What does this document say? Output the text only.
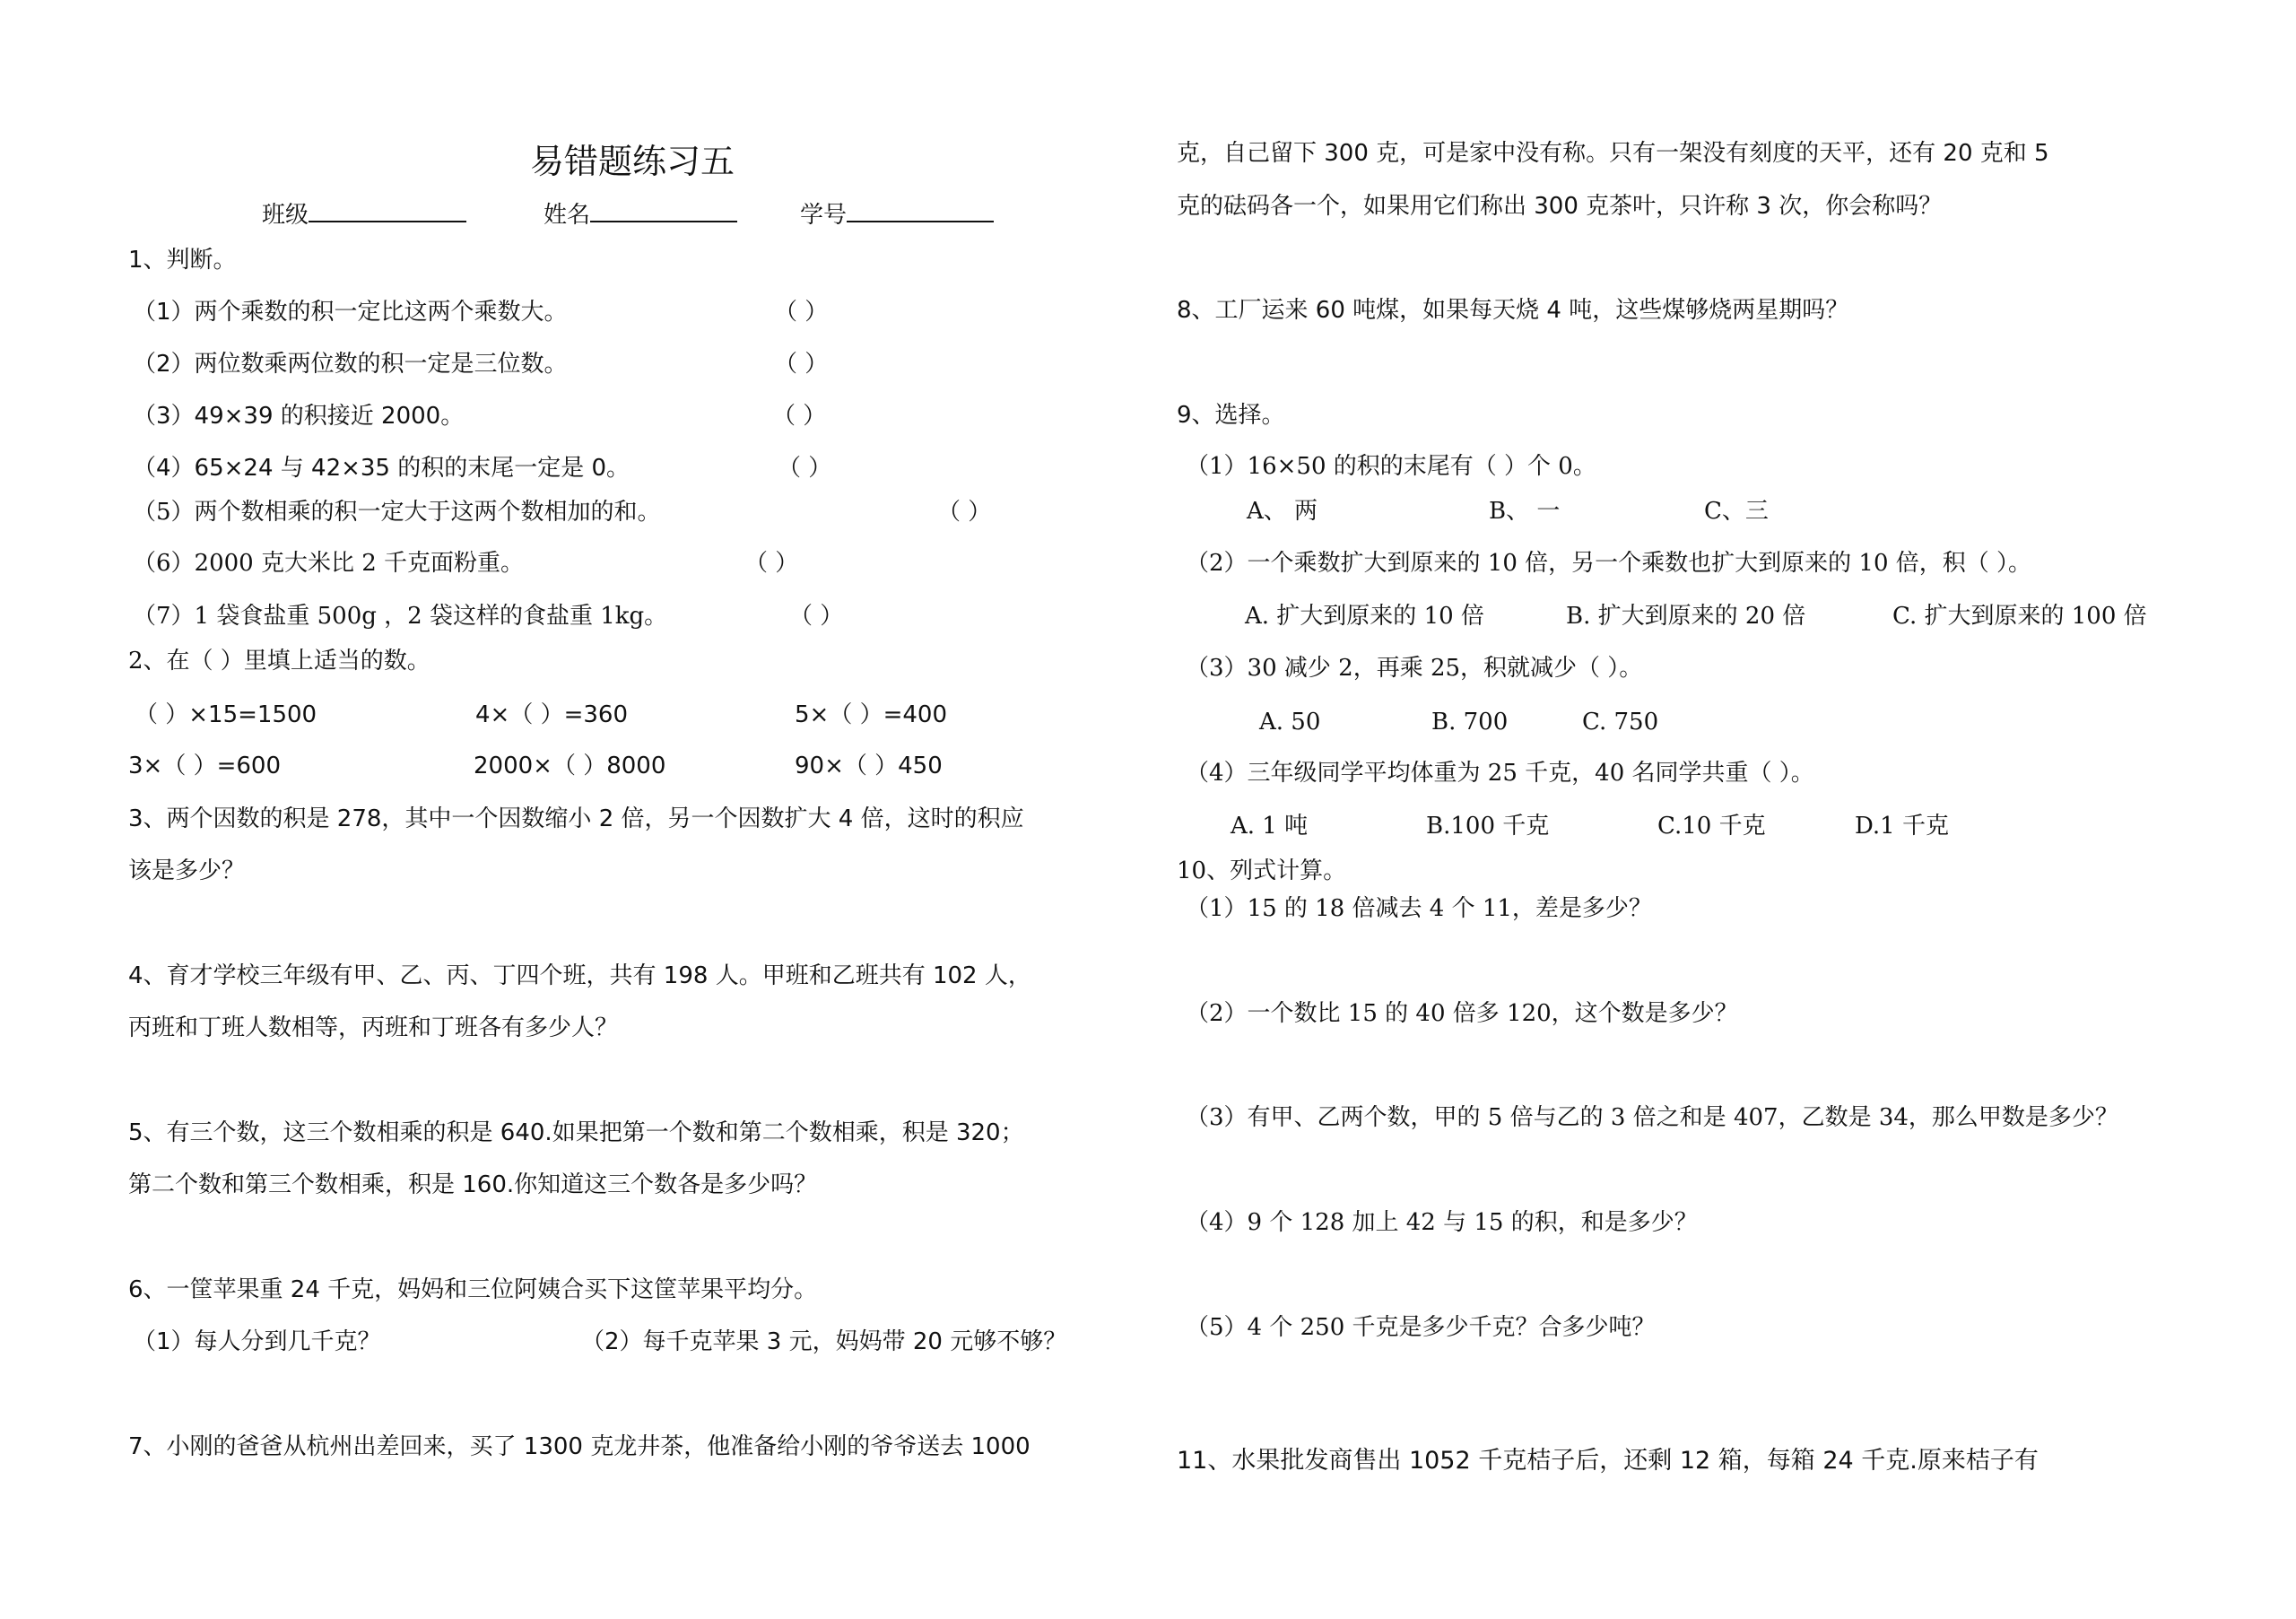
易错题练习五
班级	姓名	学号
1、判断。
（1）两个乘数的积一定比这两个乘数大。	（ ）
（2）两位数乘两位数的积一定是三位数。	（ ）
（3）49×39 的积接近 2000。	（ ）
（4）65×24 与 42×35 的积的末尾一定是 0。	（ ）
（5）两个数相乘的积一定大于这两个数相加的和。	（ ）
（6）2000 克大米比 2 千克面粉重。	（ ）
（7）1 袋食盐重 500g ，2 袋这样的食盐重 1kg。	（ ）
2、在（ ）里填上适当的数。
（ ）×15=1500	4×（ ）=360	5×（ ）=400
3×（ ）=600	2000×（ ）8000	90×（ ）450
3、两个因数的积是 278，其中一个因数缩小 2 倍，另一个因数扩大 4 倍，这时的积应
该是多少？
4、育才学校三年级有甲、乙、丙、丁四个班，共有 198 人。甲班和乙班共有 102 人，
丙班和丁班人数相等，丙班和丁班各有多少人？
5、有三个数，这三个数相乘的积是 640.如果把第一个数和第二个数相乘，积是 320；
第二个数和第三个数相乘，积是 160.你知道这三个数各是多少吗？
6、一筐苹果重 24 千克，妈妈和三位阿姨合买下这筐苹果平均分。
（1）每人分到几千克？	（2）每千克苹果 3 元，妈妈带 20 元够不够？
7、小刚的爸爸从杭州出差回来，买了 1300 克龙井茶，他准备给小刚的爷爷送去 1000
克，自己留下 300 克，可是家中没有称。只有一架没有刻度的天平，还有 20 克和 5
克的砝码各一个，如果用它们称出 300 克茶叶，只许称 3 次，你会称吗？
8、工厂运来 60 吨煤，如果每天烧 4 吨，这些煤够烧两星期吗？
9、选择。
（1）16×50 的积的末尾有（ ）个 0。
A、 两	B、 一	C、三
（2）一个乘数扩大到原来的 10 倍，另一个乘数也扩大到原来的 10 倍，积（ ）。
A. 扩大到原来的 10 倍	B. 扩大到原来的 20 倍	C. 扩大到原来的 100 倍
（3）30 减少 2，再乘 25，积就减少（ ）。
A. 50	B. 700	C. 750
（4）三年级同学平均体重为 25 千克，40 名同学共重（ ）。
A. 1 吨	B.100 千克	C.10 千克	D.1 千克
10、列式计算。
（1）15 的 18 倍减去 4 个 11，差是多少？
（2）一个数比 15 的 40 倍多 120，这个数是多少？
（3）有甲、乙两个数，甲的 5 倍与乙的 3 倍之和是 407，乙数是 34，那么甲数是多少？
（4）9 个 128 加上 42 与 15 的积，和是多少？
（5）4 个 250 千克是多少千克？合多少吨？
11、水果批发商售出 1052 千克桔子后，还剩 12 箱，每箱 24 千克.原来桔子有
